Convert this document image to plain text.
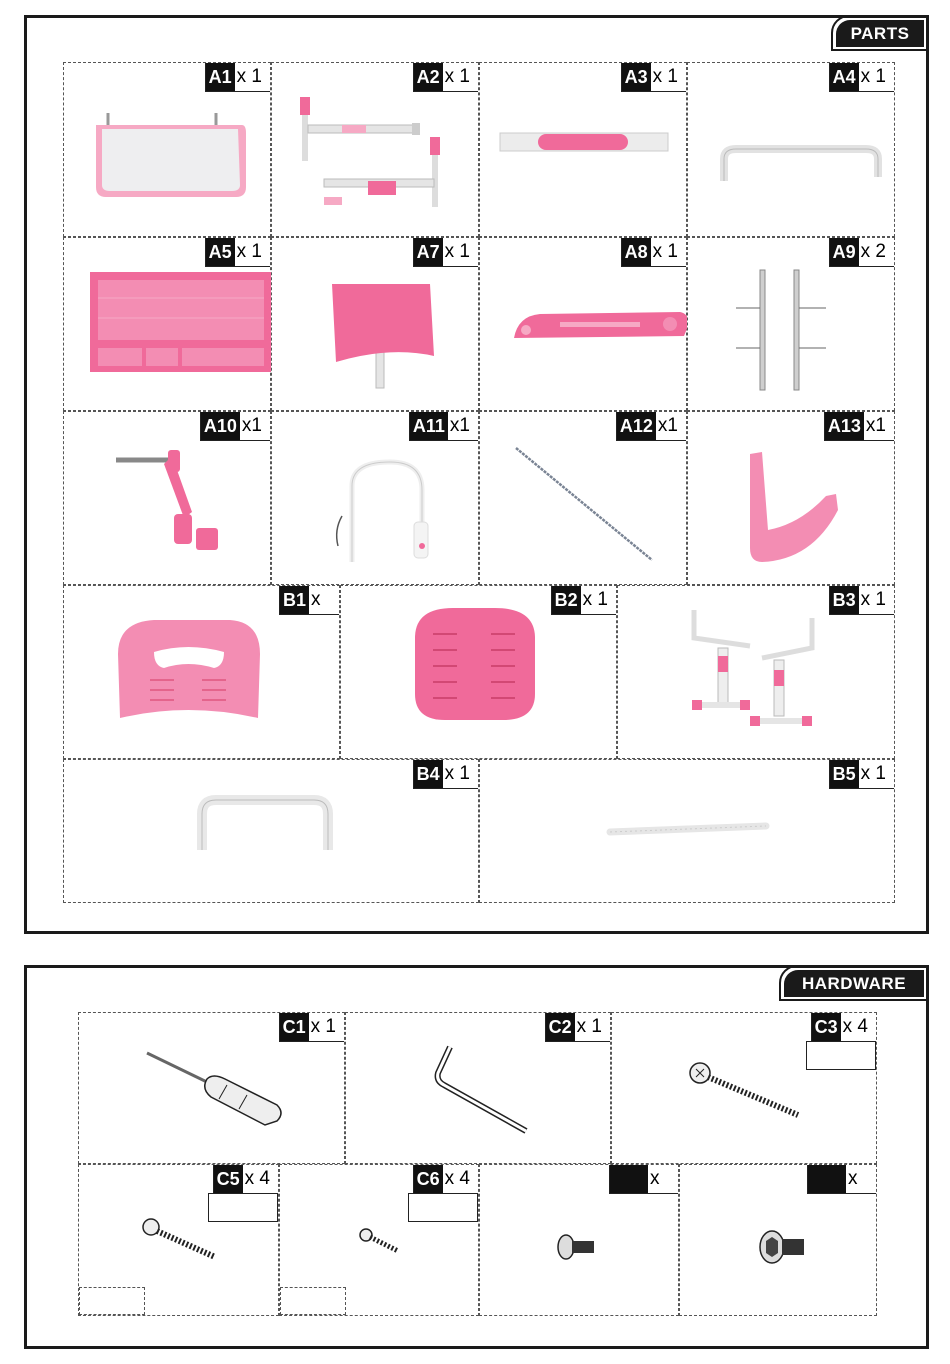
PARTS
A1 x 1	A2 x 1	A3 x 1	A4 x 1
A5 x 1	A7 x 1	A8 x 1	A9 x 2
A10 x1	A11 x1	A12 x1	A13 x1
B1 x	B2 x 1	B3 x 1
B4 x 1	B5 x 1
HARDWARE
C1 x 1	C2 x 1	C3 x 4
C5 x 4	C6 x 4	x	x
